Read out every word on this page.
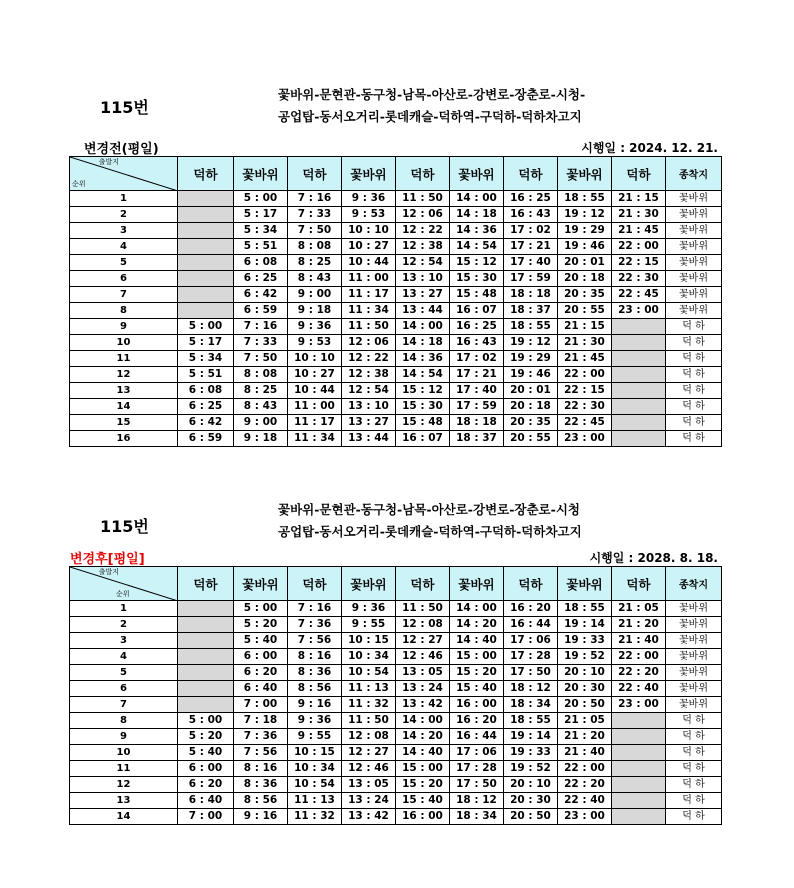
115번
꽃바위-문현관-동구청-남목-아산로-강변로-장춘로-시청-
공업탑-동서오거리-롯데캐슬-덕하역-구덕하-덕하차고지
변경전(평일)	시행일 : 2024. 12. 21.
출발지
순위	덕하	꽃바위	덕하	꽃바위	덕하	꽃바위	덕하	꽃바위	덕하	종착지
1		5 : 00	7 : 16	9 : 36	11 : 50	14 : 00	16 : 25	18 : 55	21 : 15	꽃바위
2		5 : 17	7 : 33	9 : 53	12 : 06	14 : 18	16 : 43	19 : 12	21 : 30	꽃바위
3		5 : 34	7 : 50	10 : 10	12 : 22	14 : 36	17 : 02	19 : 29	21 : 45	꽃바위
4		5 : 51	8 : 08	10 : 27	12 : 38	14 : 54	17 : 21	19 : 46	22 : 00	꽃바위
5		6 : 08	8 : 25	10 : 44	12 : 54	15 : 12	17 : 40	20 : 01	22 : 15	꽃바위
6		6 : 25	8 : 43	11 : 00	13 : 10	15 : 30	17 : 59	20 : 18	22 : 30	꽃바위
7		6 : 42	9 : 00	11 : 17	13 : 27	15 : 48	18 : 18	20 : 35	22 : 45	꽃바위
8		6 : 59	9 : 18	11 : 34	13 : 44	16 : 07	18 : 37	20 : 55	23 : 00	꽃바위
9	5 : 00	7 : 16	9 : 36	11 : 50	14 : 00	16 : 25	18 : 55	21 : 15		덕 하
10	5 : 17	7 : 33	9 : 53	12 : 06	14 : 18	16 : 43	19 : 12	21 : 30		덕 하
11	5 : 34	7 : 50	10 : 10	12 : 22	14 : 36	17 : 02	19 : 29	21 : 45		덕 하
12	5 : 51	8 : 08	10 : 27	12 : 38	14 : 54	17 : 21	19 : 46	22 : 00		덕 하
13	6 : 08	8 : 25	10 : 44	12 : 54	15 : 12	17 : 40	20 : 01	22 : 15		덕 하
14	6 : 25	8 : 43	11 : 00	13 : 10	15 : 30	17 : 59	20 : 18	22 : 30		덕 하
15	6 : 42	9 : 00	11 : 17	13 : 27	15 : 48	18 : 18	20 : 35	22 : 45		덕 하
16	6 : 59	9 : 18	11 : 34	13 : 44	16 : 07	18 : 37	20 : 55	23 : 00		덕 하
115번
꽃바위-문현관-동구청-남목-아산로-강변로-장춘로-시청
공업탑-동서오거리-롯데캐슬-덕하역-구덕하-덕하차고지
변경후[평일]	시행일 : 2028. 8. 18.
출발지
순위	덕하	꽃바위	덕하	꽃바위	덕하	꽃바위	덕하	꽃바위	덕하	종착지
1		5 : 00	7 : 16	9 : 36	11 : 50	14 : 00	16 : 20	18 : 55	21 : 05	꽃바위
2		5 : 20	7 : 36	9 : 55	12 : 08	14 : 20	16 : 44	19 : 14	21 : 20	꽃바위
3		5 : 40	7 : 56	10 : 15	12 : 27	14 : 40	17 : 06	19 : 33	21 : 40	꽃바위
4		6 : 00	8 : 16	10 : 34	12 : 46	15 : 00	17 : 28	19 : 52	22 : 00	꽃바위
5		6 : 20	8 : 36	10 : 54	13 : 05	15 : 20	17 : 50	20 : 10	22 : 20	꽃바위
6		6 : 40	8 : 56	11 : 13	13 : 24	15 : 40	18 : 12	20 : 30	22 : 40	꽃바위
7		7 : 00	9 : 16	11 : 32	13 : 42	16 : 00	18 : 34	20 : 50	23 : 00	꽃바위
8	5 : 00	7 : 18	9 : 36	11 : 50	14 : 00	16 : 20	18 : 55	21 : 05		덕 하
9	5 : 20	7 : 36	9 : 55	12 : 08	14 : 20	16 : 44	19 : 14	21 : 20		덕 하
10	5 : 40	7 : 56	10 : 15	12 : 27	14 : 40	17 : 06	19 : 33	21 : 40		덕 하
11	6 : 00	8 : 16	10 : 34	12 : 46	15 : 00	17 : 28	19 : 52	22 : 00		덕 하
12	6 : 20	8 : 36	10 : 54	13 : 05	15 : 20	17 : 50	20 : 10	22 : 20		덕 하
13	6 : 40	8 : 56	11 : 13	13 : 24	15 : 40	18 : 12	20 : 30	22 : 40		덕 하
14	7 : 00	9 : 16	11 : 32	13 : 42	16 : 00	18 : 34	20 : 50	23 : 00		덕 하
